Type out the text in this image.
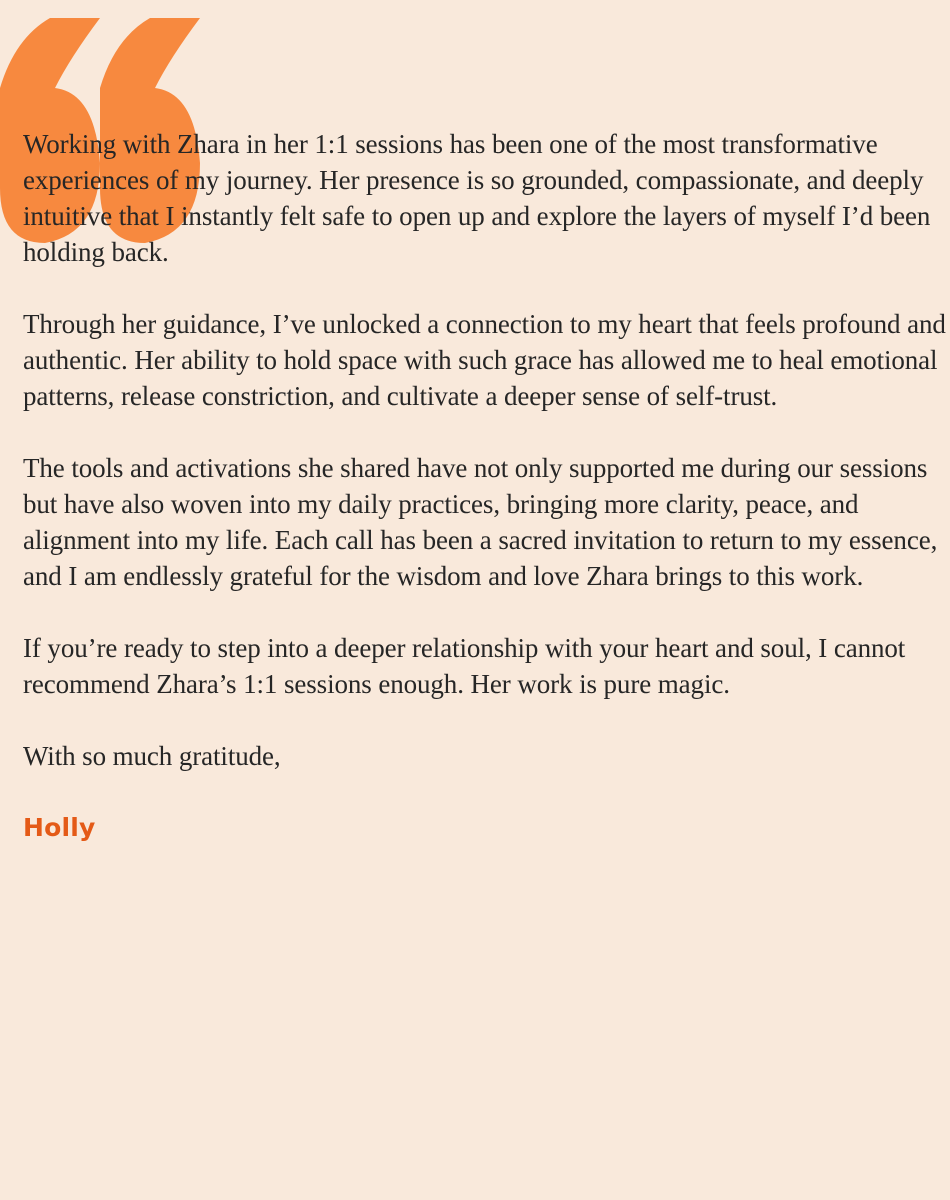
Working with Zhara in her 1:1 sessions has been one of the most transformative experiences of my journey. Her presence is so grounded, compassionate, and deeply intuitive that I instantly felt safe to open up and explore the layers of myself I’d been holding back.

Through her guidance, I’ve unlocked a connection to my heart that feels profound and authentic. Her ability to hold space with such grace has allowed me to heal emotional patterns, release constriction, and cultivate a deeper sense of self-trust.

The tools and activations she shared have not only supported me during our sessions but have also woven into my daily practices, bringing more clarity, peace, and alignment into my life. Each call has been a sacred invitation to return to my essence, and I am endlessly grateful for the wisdom and love Zhara brings to this work.

If you’re ready to step into a deeper relationship with your heart and soul, I cannot recommend Zhara’s 1:1 sessions enough. Her work is pure magic.

With so much gratitude,

Holly
